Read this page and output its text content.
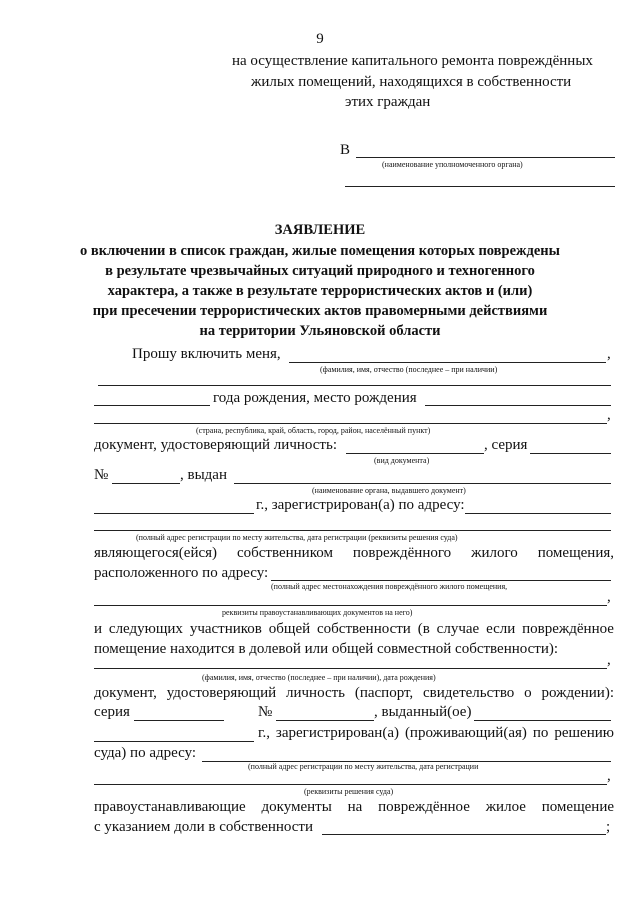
9
на осуществление капитального ремонта повреждённых
жилых помещений, находящихся в собственности
этих граждан
В
(наименование уполномоченного органа)
ЗАЯВЛЕНИЕ
о включении в список граждан, жилые помещения которых повреждены
в результате чрезвычайных ситуаций природного и техногенного
характера, а также в результате террористических актов и (или)
при пресечении террористических актов правомерными действиями
на территории Ульяновской области
Прошу включить меня,	,
(фамилия, имя, отчество (последнее – при наличии)
года рождения, место рождения
,
(страна, республика, край, область, город, район, населённый пункт)
документ, удостоверяющий личность:	, серия
(вид документа)
№	, выдан
(наименование органа, выдавшего документ)
г., зарегистрирован(а) по адресу:
(полный адрес регистрации по месту жительства, дата регистрации (реквизиты решения суда)
являющегося(ейся) собственником повреждённого жилого помещения,
расположенного по адресу:
(полный адрес местонахождения повреждённого жилого помещения,
,
реквизиты правоустанавливающих документов на него)
и следующих участников общей собственности (в случае если повреждённое
помещение находится в долевой или общей совместной собственности):
,
(фамилия, имя, отчество (последнее – при наличии), дата рождения)
документ, удостоверяющий личность (паспорт, свидетельство о рождении):
серия	№	, выданный(ое)
г., зарегистрирован(а) (проживающий(ая) по решению
суда) по адресу:
(полный адрес регистрации по месту жительства, дата регистрации
,
(реквизиты решения суда)
правоустанавливающие документы на повреждённое жилое помещение
с указанием доли в собственности	;
